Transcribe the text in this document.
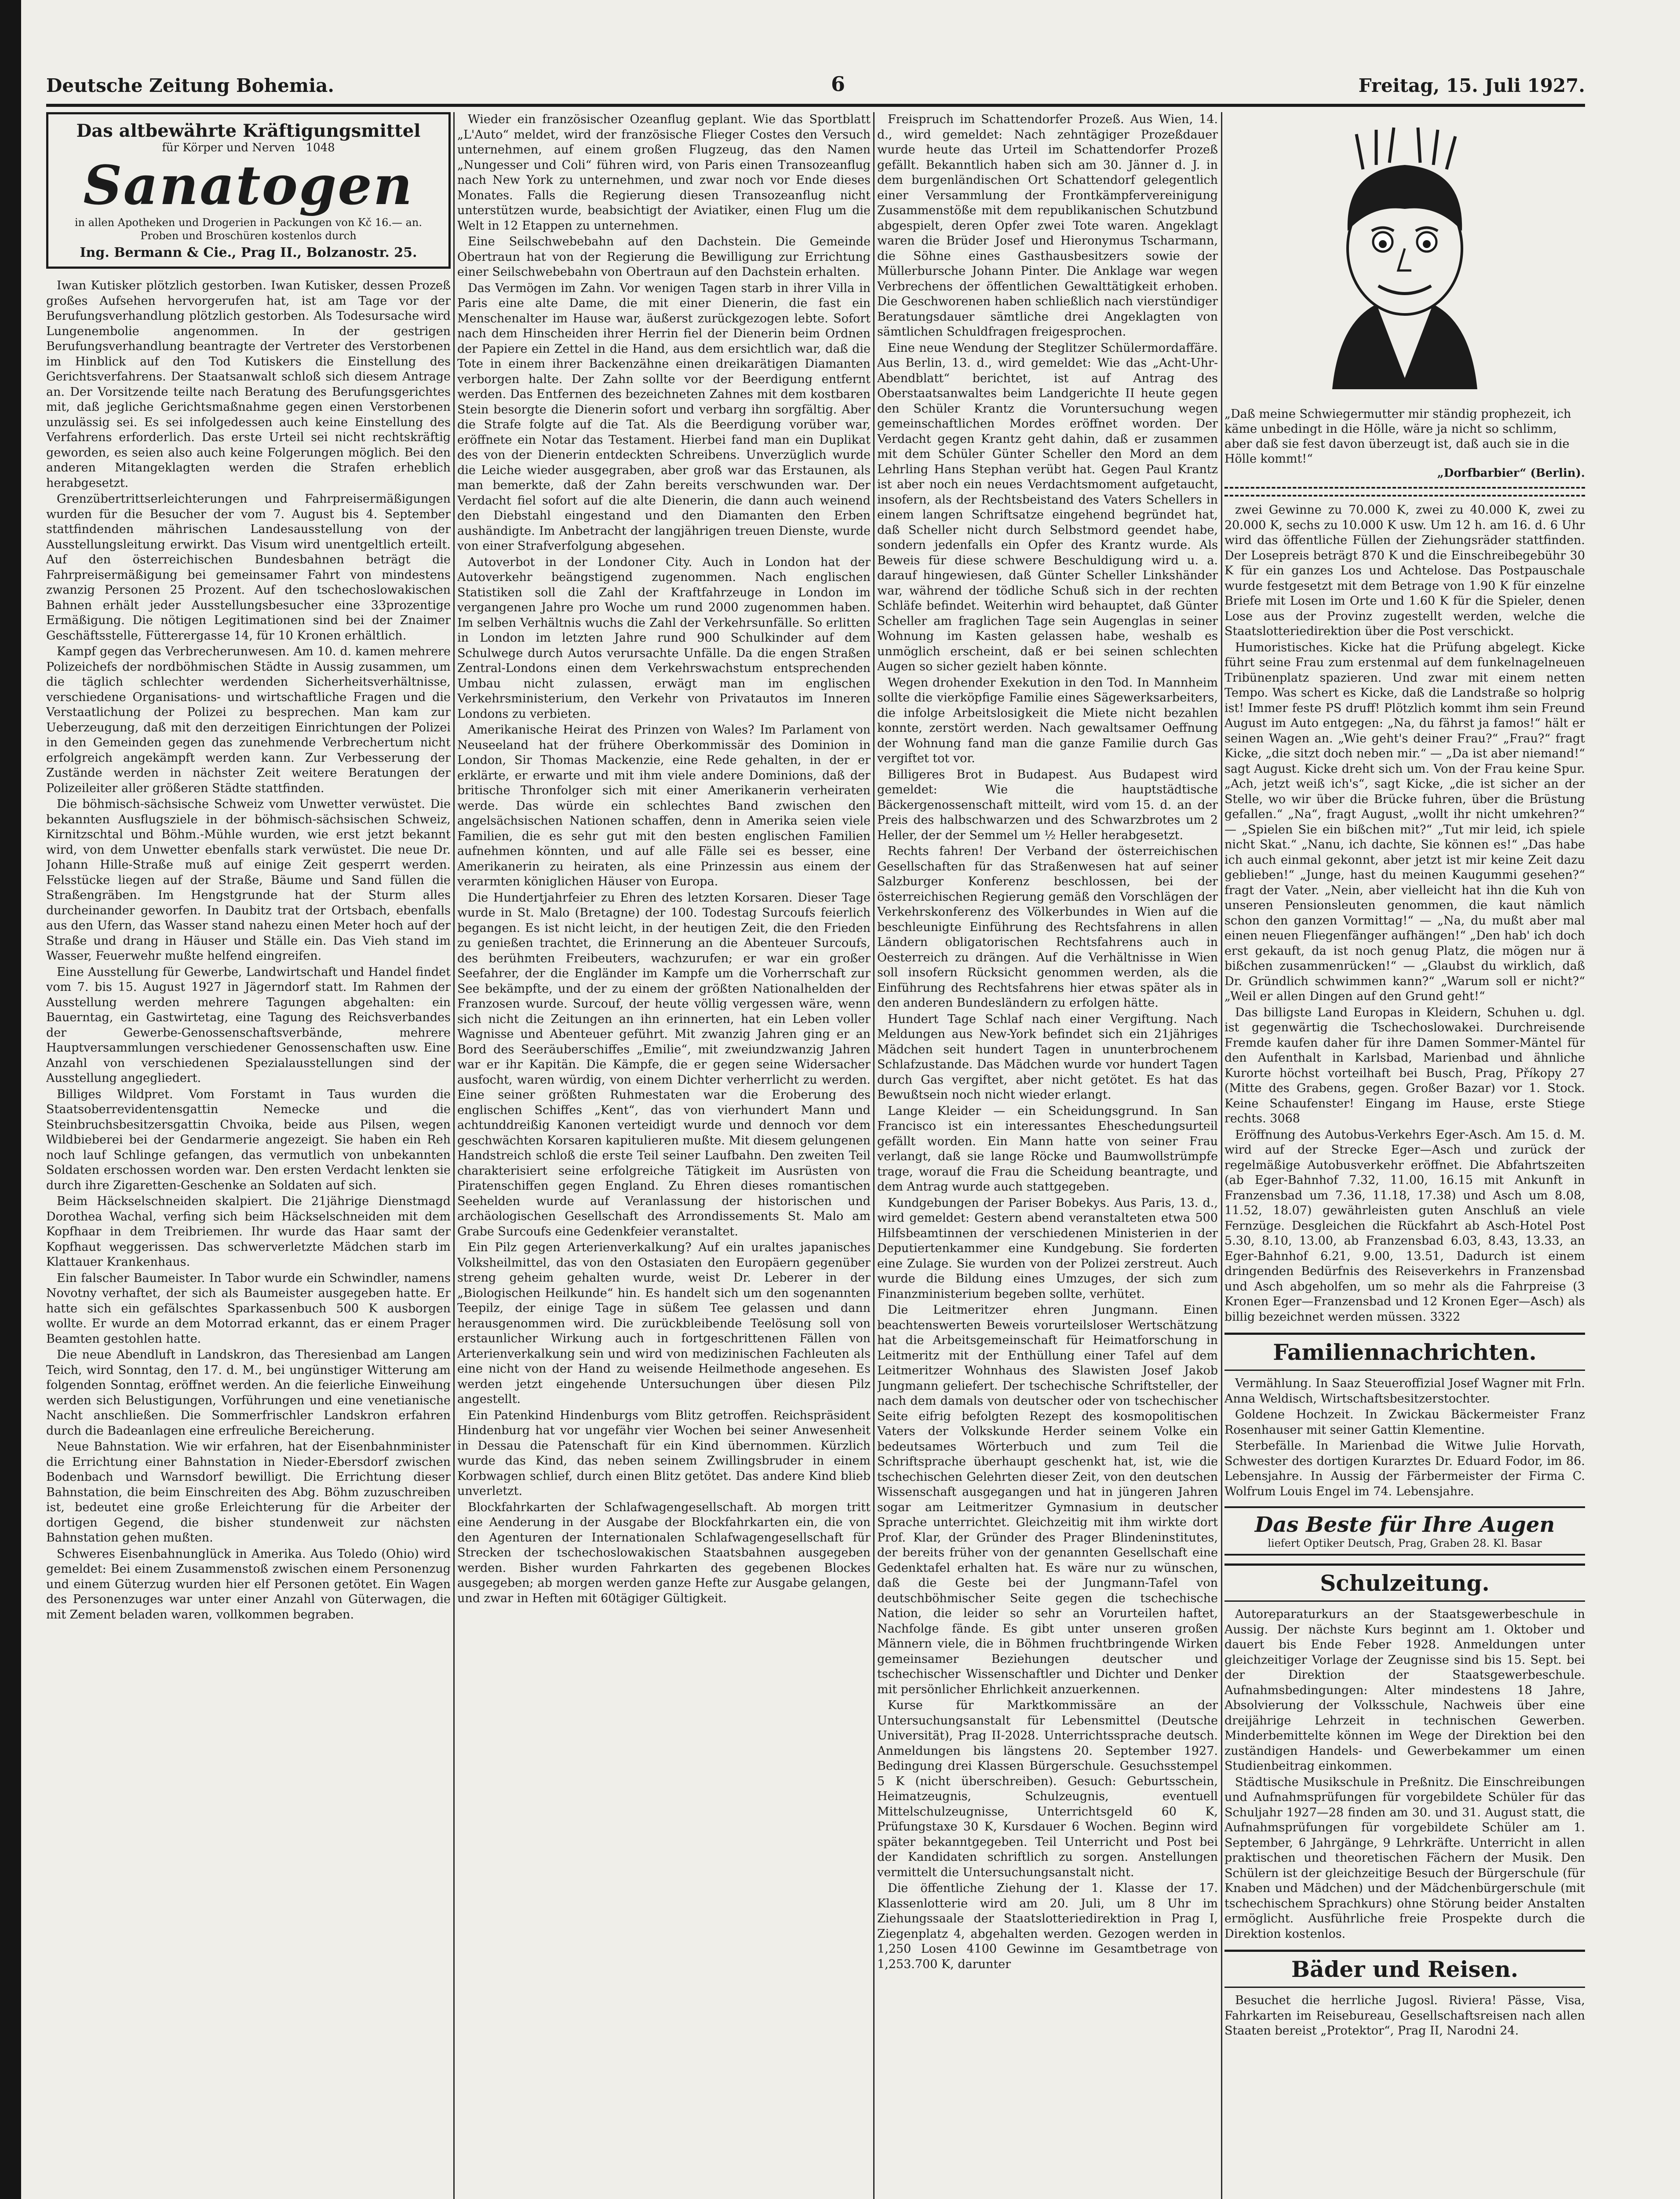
Deutsche Zeitung Bohemia.	6	Freitag, 15. Juli 1927.
Das altbewährte Kräftigungsmittel
für Körper und Nerven 1048
Sanatogen
in allen Apotheken und Drogerien in Packungen von Kč 16.— an. Proben und Broschüren kostenlos durch
Ing. Bermann & Cie., Prag II., Bolzanostr. 25.

Iwan Kutisker plötzlich gestorben. Iwan Kutisker, dessen Prozeß großes Aufsehen hervorgerufen hat, ist am Tage vor der Berufungsverhandlung plötzlich gestorben. Als Todesursache wird Lungenembolie angenommen. In der gestrigen Berufungsverhandlung beantragte der Vertreter des Verstorbenen im Hinblick auf den Tod Kutiskers die Einstellung des Gerichtsverfahrens. Der Staatsanwalt schloß sich diesem Antrage an. Der Vorsitzende teilte nach Beratung des Berufungsgerichtes mit, daß jegliche Gerichtsmaßnahme gegen einen Verstorbenen unzulässig sei. Es sei infolgedessen auch keine Einstellung des Verfahrens erforderlich. Das erste Urteil sei nicht rechtskräftig geworden, es seien also auch keine Folgerungen möglich. Bei den anderen Mitangeklagten werden die Strafen erheblich herabgesetzt.

Grenzübertrittserleichterungen und Fahrpreisermäßigungen wurden für die Besucher der vom 7. August bis 4. September stattfindenden mährischen Landesausstellung von der Ausstellungsleitung erwirkt. Das Visum wird unentgeltlich erteilt. Auf den österreichischen Bundesbahnen beträgt die Fahrpreisermäßigung bei gemeinsamer Fahrt von mindestens zwanzig Personen 25 Prozent. Auf den tschechoslowakischen Bahnen erhält jeder Ausstellungsbesucher eine 33prozentige Ermäßigung. Die nötigen Legitimationen sind bei der Znaimer Geschäftsstelle, Fütterergasse 14, für 10 Kronen erhältlich.

Kampf gegen das Verbrecherunwesen. Am 10. d. kamen mehrere Polizeichefs der nordböhmischen Städte in Aussig zusammen, um die täglich schlechter werdenden Sicherheitsverhältnisse, verschiedene Organisations- und wirtschaftliche Fragen und die Verstaatlichung der Polizei zu besprechen. Man kam zur Ueberzeugung, daß mit den derzeitigen Einrichtungen der Polizei in den Gemeinden gegen das zunehmende Verbrechertum nicht erfolgreich angekämpft werden kann. Zur Verbesserung der Zustände werden in nächster Zeit weitere Beratungen der Polizeileiter aller größeren Städte stattfinden.

Die böhmisch-sächsische Schweiz vom Unwetter verwüstet. Die bekannten Ausflugsziele in der böhmisch-sächsischen Schweiz, Kirnitzschtal und Böhm.-Mühle wurden, wie erst jetzt bekannt wird, von dem Unwetter ebenfalls stark verwüstet. Die neue Dr. Johann Hille-Straße muß auf einige Zeit gesperrt werden. Felsstücke liegen auf der Straße, Bäume und Sand füllen die Straßengräben. Im Hengstgrunde hat der Sturm alles durcheinander geworfen. In Daubitz trat der Ortsbach, ebenfalls aus den Ufern, das Wasser stand nahezu einen Meter hoch auf der Straße und drang in Häuser und Ställe ein. Das Vieh stand im Wasser, Feuerwehr mußte helfend eingreifen.

Eine Ausstellung für Gewerbe, Landwirtschaft und Handel findet vom 7. bis 15. August 1927 in Jägerndorf statt. Im Rahmen der Ausstellung werden mehrere Tagungen abgehalten: ein Bauerntag, ein Gastwirtetag, eine Tagung des Reichsverbandes der Gewerbe-Genossenschaftsverbände, mehrere Hauptversammlungen verschiedener Genossenschaften usw. Eine Anzahl von verschiedenen Spezialausstellungen sind der Ausstellung angegliedert.

Billiges Wildpret. Vom Forstamt in Taus wurden die Staatsoberrevidentensgattin Nemecke und die Steinbruchsbesitzersgattin Chvoika, beide aus Pilsen, wegen Wildbieberei bei der Gendarmerie angezeigt. Sie haben ein Reh noch lauf Schlinge gefangen, das vermutlich von unbekannten Soldaten erschossen worden war. Den ersten Verdacht lenkten sie durch ihre Zigaretten-Geschenke an Soldaten auf sich.

Beim Häckselschneiden skalpiert. Die 21jährige Dienstmagd Dorothea Wachal, verfing sich beim Häckselschneiden mit dem Kopfhaar in dem Treibriemen. Ihr wurde das Haar samt der Kopfhaut weggerissen. Das schwerverletzte Mädchen starb im Klattauer Krankenhaus.

Ein falscher Baumeister. In Tabor wurde ein Schwindler, namens Novotny verhaftet, der sich als Baumeister ausgegeben hatte. Er hatte sich ein gefälschtes Sparkassenbuch 500 K ausborgen wollte. Er wurde an dem Motorrad erkannt, das er einem Prager Beamten gestohlen hatte.

Die neue Abendluft in Landskron, das Theresienbad am Langen Teich, wird Sonntag, den 17. d. M., bei ungünstiger Witterung am folgenden Sonntag, eröffnet werden. An die feierliche Einweihung werden sich Belustigungen, Vorführungen und eine venetianische Nacht anschließen. Die Sommerfrischler Landskron erfahren durch die Badeanlagen eine erfreuliche Bereicherung.

Neue Bahnstation. Wie wir erfahren, hat der Eisenbahnminister die Errichtung einer Bahnstation in Nieder-Ebersdorf zwischen Bodenbach und Warnsdorf bewilligt. Die Errichtung dieser Bahnstation, die beim Einschreiten des Abg. Böhm zuzuschreiben ist, bedeutet eine große Erleichterung für die Arbeiter der dortigen Gegend, die bisher stundenweit zur nächsten Bahnstation gehen mußten.

Schweres Eisenbahnunglück in Amerika. Aus Toledo (Ohio) wird gemeldet: Bei einem Zusammenstoß zwischen einem Personenzug und einem Güterzug wurden hier elf Personen getötet. Ein Wagen des Personenzuges war unter einer Anzahl von Güterwagen, die mit Zement beladen waren, vollkommen begraben.

Wieder ein französischer Ozeanflug geplant. Wie das Sportblatt „L'Auto“ meldet, wird der französische Flieger Costes den Versuch unternehmen, auf einem großen Flugzeug, das den Namen „Nungesser und Coli“ führen wird, von Paris einen Transozeanflug nach New York zu unternehmen, und zwar noch vor Ende dieses Monates. Falls die Regierung diesen Transozeanflug nicht unterstützen wurde, beabsichtigt der Aviatiker, einen Flug um die Welt in 12 Etappen zu unternehmen.

Eine Seilschwebebahn auf den Dachstein. Die Gemeinde Obertraun hat von der Regierung die Bewilligung zur Errichtung einer Seilschwebebahn von Obertraun auf den Dachstein erhalten.

Das Vermögen im Zahn. Vor wenigen Tagen starb in ihrer Villa in Paris eine alte Dame, die mit einer Dienerin, die fast ein Menschenalter im Hause war, äußerst zurückgezogen lebte. Sofort nach dem Hinscheiden ihrer Herrin fiel der Dienerin beim Ordnen der Papiere ein Zettel in die Hand, aus dem ersichtlich war, daß die Tote in einem ihrer Backenzähne einen dreikarätigen Diamanten verborgen halte. Der Zahn sollte vor der Beerdigung entfernt werden. Das Entfernen des bezeichneten Zahnes mit dem kostbaren Stein besorgte die Dienerin sofort und verbarg ihn sorgfältig. Aber die Strafe folgte auf die Tat. Als die Beerdigung vorüber war, eröffnete ein Notar das Testament. Hierbei fand man ein Duplikat des von der Dienerin entdeckten Schreibens. Unverzüglich wurde die Leiche wieder ausgegraben, aber groß war das Erstaunen, als man bemerkte, daß der Zahn bereits verschwunden war. Der Verdacht fiel sofort auf die alte Dienerin, die dann auch weinend den Diebstahl eingestand und den Diamanten den Erben aushändigte. Im Anbetracht der langjährigen treuen Dienste, wurde von einer Strafverfolgung abgesehen.

Autoverbot in der Londoner City. Auch in London hat der Autoverkehr beängstigend zugenommen. Nach englischen Statistiken soll die Zahl der Kraftfahrzeuge in London im vergangenen Jahre pro Woche um rund 2000 zugenommen haben. Im selben Verhältnis wuchs die Zahl der Verkehrsunfälle. So erlitten in London im letzten Jahre rund 900 Schulkinder auf dem Schulwege durch Autos verursachte Unfälle. Da die engen Straßen Zentral-Londons einen dem Verkehrswachstum entsprechenden Umbau nicht zulassen, erwägt man im englischen Verkehrsministerium, den Verkehr von Privatautos im Inneren Londons zu verbieten.

Amerikanische Heirat des Prinzen von Wales? Im Parlament von Neuseeland hat der frühere Oberkommissär des Dominion in London, Sir Thomas Mackenzie, eine Rede gehalten, in der er erklärte, er erwarte und mit ihm viele andere Dominions, daß der britische Thronfolger sich mit einer Amerikanerin verheiraten werde. Das würde ein schlechtes Band zwischen den angelsächsischen Nationen schaffen, denn in Amerika seien viele Familien, die es sehr gut mit den besten englischen Familien aufnehmen könnten, und auf alle Fälle sei es besser, eine Amerikanerin zu heiraten, als eine Prinzessin aus einem der verarmten königlichen Häuser von Europa.

Die Hundertjahrfeier zu Ehren des letzten Korsaren. Dieser Tage wurde in St. Malo (Bretagne) der 100. Todestag Surcoufs feierlich begangen. Es ist nicht leicht, in der heutigen Zeit, die den Frieden zu genießen trachtet, die Erinnerung an die Abenteuer Surcoufs, des berühmten Freibeuters, wachzurufen; er war ein großer Seefahrer, der die Engländer im Kampfe um die Vorherrschaft zur See bekämpfte, und der zu einem der größten Nationalhelden der Franzosen wurde. Surcouf, der heute völlig vergessen wäre, wenn sich nicht die Zeitungen an ihn erinnerten, hat ein Leben voller Wagnisse und Abenteuer geführt. Mit zwanzig Jahren ging er an Bord des Seeräuberschiffes „Emilie“, mit zweiundzwanzig Jahren war er ihr Kapitän. Die Kämpfe, die er gegen seine Widersacher ausfocht, waren würdig, von einem Dichter verherrlicht zu werden. Eine seiner größten Ruhmestaten war die Eroberung des englischen Schiffes „Kent“, das von vierhundert Mann und achtunddreißig Kanonen verteidigt wurde und dennoch vor dem geschwächten Korsaren kapitulieren mußte. Mit diesem gelungenen Handstreich schloß die erste Teil seiner Laufbahn. Den zweiten Teil charakterisiert seine erfolgreiche Tätigkeit im Ausrüsten von Piratenschiffen gegen England. Zu Ehren dieses romantischen Seehelden wurde auf Veranlassung der historischen und archäologischen Gesellschaft des Arrondissements St. Malo am Grabe Surcoufs eine Gedenkfeier veranstaltet.

Ein Pilz gegen Arterienverkalkung? Auf ein uraltes japanisches Volksheilmittel, das von den Ostasiaten den Europäern gegenüber streng geheim gehalten wurde, weist Dr. Leberer in der „Biologischen Heilkunde“ hin. Es handelt sich um den sogenannten Teepilz, der einige Tage in süßem Tee gelassen und dann herausgenommen wird. Die zurückbleibende Teelösung soll von erstaunlicher Wirkung auch in fortgeschrittenen Fällen von Arterienverkalkung sein und wird von medizinischen Fachleuten als eine nicht von der Hand zu weisende Heilmethode angesehen. Es werden jetzt eingehende Untersuchungen über diesen Pilz angestellt.

Ein Patenkind Hindenburgs vom Blitz getroffen. Reichspräsident Hindenburg hat vor ungefähr vier Wochen bei seiner Anwesenheit in Dessau die Patenschaft für ein Kind übernommen. Kürzlich wurde das Kind, das neben seinem Zwillingsbruder in einem Korbwagen schlief, durch einen Blitz getötet. Das andere Kind blieb unverletzt.

Blockfahrkarten der Schlafwagengesellschaft. Ab morgen tritt eine Aenderung in der Ausgabe der Blockfahrkarten ein, die von den Agenturen der Internationalen Schlafwagengesellschaft für Strecken der tschechoslowakischen Staatsbahnen ausgegeben werden. Bisher wurden Fahrkarten des gegebenen Blockes ausgegeben; ab morgen werden ganze Hefte zur Ausgabe gelangen, und zwar in Heften mit 60tägiger Gültigkeit.

Freispruch im Schattendorfer Prozeß. Aus Wien, 14. d., wird gemeldet: Nach zehntägiger Prozeßdauer wurde heute das Urteil im Schattendorfer Prozeß gefällt. Bekanntlich haben sich am 30. Jänner d. J. in dem burgenländischen Ort Schattendorf gelegentlich einer Versammlung der Frontkämpfervereinigung Zusammenstöße mit dem republikanischen Schutzbund abgespielt, deren Opfer zwei Tote waren. Angeklagt waren die Brüder Josef und Hieronymus Tscharmann, die Söhne eines Gasthausbesitzers sowie der Müllerbursche Johann Pinter. Die Anklage war wegen Verbrechens der öffentlichen Gewalttätigkeit erhoben. Die Geschworenen haben schließlich nach vierstündiger Beratungsdauer sämtliche drei Angeklagten von sämtlichen Schuldfragen freigesprochen.

Eine neue Wendung der Steglitzer Schülermordaffäre. Aus Berlin, 13. d., wird gemeldet: Wie das „Acht-Uhr-Abendblatt“ berichtet, ist auf Antrag des Oberstaatsanwaltes beim Landgerichte II heute gegen den Schüler Krantz die Voruntersuchung wegen gemeinschaftlichen Mordes eröffnet worden. Der Verdacht gegen Krantz geht dahin, daß er zusammen mit dem Schüler Günter Scheller den Mord an dem Lehrling Hans Stephan verübt hat. Gegen Paul Krantz ist aber noch ein neues Verdachtsmoment aufgetaucht, insofern, als der Rechtsbeistand des Vaters Schellers in einem langen Schriftsatze eingehend begründet hat, daß Scheller nicht durch Selbstmord geendet habe, sondern jedenfalls ein Opfer des Krantz wurde. Als Beweis für diese schwere Beschuldigung wird u. a. darauf hingewiesen, daß Günter Scheller Linkshänder war, während der tödliche Schuß sich in der rechten Schläfe befindet. Weiterhin wird behauptet, daß Günter Scheller am fraglichen Tage sein Augenglas in seiner Wohnung im Kasten gelassen habe, weshalb es unmöglich erscheint, daß er bei seinen schlechten Augen so sicher gezielt haben könnte.

Wegen drohender Exekution in den Tod. In Mannheim sollte die vierköpfige Familie eines Sägewerksarbeiters, die infolge Arbeitslosigkeit die Miete nicht bezahlen konnte, zerstört werden. Nach gewaltsamer Oeffnung der Wohnung fand man die ganze Familie durch Gas vergiftet tot vor.

Billigeres Brot in Budapest. Aus Budapest wird gemeldet: Wie die hauptstädtische Bäckergenossenschaft mitteilt, wird vom 15. d. an der Preis des halbschwarzen und des Schwarzbrotes um 2 Heller, der der Semmel um ½ Heller herabgesetzt.

Rechts fahren! Der Verband der österreichischen Gesellschaften für das Straßenwesen hat auf seiner Salzburger Konferenz beschlossen, bei der österreichischen Regierung gemäß den Vorschlägen der Verkehrskonferenz des Völkerbundes in Wien auf die beschleunigte Einführung des Rechtsfahrens in allen Ländern obligatorischen Rechtsfahrens auch in Oesterreich zu drängen. Auf die Verhältnisse in Wien soll insofern Rücksicht genommen werden, als die Einführung des Rechtsfahrens hier etwas später als in den anderen Bundesländern zu erfolgen hätte.

Hundert Tage Schlaf nach einer Vergiftung. Nach Meldungen aus New-York befindet sich ein 21jähriges Mädchen seit hundert Tagen in ununterbrochenem Schlafzustande. Das Mädchen wurde vor hundert Tagen durch Gas vergiftet, aber nicht getötet. Es hat das Bewußtsein noch nicht wieder erlangt.

Lange Kleider — ein Scheidungsgrund. In San Francisco ist ein interessantes Eheschedungsurteil gefällt worden. Ein Mann hatte von seiner Frau verlangt, daß sie lange Röcke und Baumwollstrümpfe trage, worauf die Frau die Scheidung beantragte, und dem Antrag wurde auch stattgegeben.

Kundgebungen der Pariser Bobekys. Aus Paris, 13. d., wird gemeldet: Gestern abend veranstalteten etwa 500 Hilfsbeamtinnen der verschiedenen Ministerien in der Deputiertenkammer eine Kundgebung. Sie forderten eine Zulage. Sie wurden von der Polizei zerstreut. Auch wurde die Bildung eines Umzuges, der sich zum Finanzministerium begeben sollte, verhütet.

Die Leitmeritzer ehren Jungmann. Einen beachtenswerten Beweis vorurteilsloser Wertschätzung hat die Arbeitsgemeinschaft für Heimatforschung in Leitmeritz mit der Enthüllung einer Tafel auf dem Leitmeritzer Wohnhaus des Slawisten Josef Jakob Jungmann geliefert. Der tschechische Schriftsteller, der nach dem damals von deutscher oder von tschechischer Seite eifrig befolgten Rezept des kosmopolitischen Vaters der Volkskunde Herder seinem Volke ein bedeutsames Wörterbuch und zum Teil die Schriftsprache überhaupt geschenkt hat, ist, wie die tschechischen Gelehrten dieser Zeit, von den deutschen Wissenschaft ausgegangen und hat in jüngeren Jahren sogar am Leitmeritzer Gymnasium in deutscher Sprache unterrichtet. Gleichzeitig mit ihm wirkte dort Prof. Klar, der Gründer des Prager Blindeninstitutes, der bereits früher von der genannten Gesellschaft eine Gedenktafel erhalten hat. Es wäre nur zu wünschen, daß die Geste bei der Jungmann-Tafel von deutschböhmischer Seite gegen die tschechische Nation, die leider so sehr an Vorurteilen haftet, Nachfolge fände. Es gibt unter unseren großen Männern viele, die in Böhmen fruchtbringende Wirken gemeinsamer Beziehungen deutscher und tschechischer Wissenschaftler und Dichter und Denker mit persönlicher Ehrlichkeit anzuerkennen.

Kurse für Marktkommissäre an der Untersuchungsanstalt für Lebensmittel (Deutsche Universität), Prag II-2028. Unterrichtssprache deutsch. Anmeldungen bis längstens 20. September 1927. Bedingung drei Klassen Bürgerschule. Gesuchsstempel 5 K (nicht überschreiben). Gesuch: Geburtsschein, Heimatzeugnis, Schulzeugnis, eventuell Mittelschulzeugnisse, Unterrichtsgeld 60 K, Prüfungstaxe 30 K, Kursdauer 6 Wochen. Beginn wird später bekanntgegeben. Teil Unterricht und Post bei der Kandidaten schriftlich zu sorgen. Anstellungen vermittelt die Untersuchungsanstalt nicht.

Die öffentliche Ziehung der 1. Klasse der 17. Klassenlotterie wird am 20. Juli, um 8 Uhr im Ziehungssaale der Staatslotteriedirektion in Prag I, Ziegenplatz 4, abgehalten werden. Gezogen werden in 1,250 Losen 4100 Gewinne im Gesamtbetrage von 1,253.700 K, darunter

„Daß meine Schwiegermutter mir ständig prophezeit, ich käme unbedingt in die Hölle, wäre ja nicht so schlimm, aber daß sie fest davon überzeugt ist, daß auch sie in die Hölle kommt!“
„Dorfbarbier“ (Berlin).

zwei Gewinne zu 70.000 K, zwei zu 40.000 K, zwei zu 20.000 K, sechs zu 10.000 K usw. Um 12 h. am 16. d. 6 Uhr wird das öffentliche Füllen der Ziehungsräder stattfinden. Der Losepreis beträgt 870 K und die Einschreibegebühr 30 K für ein ganzes Los und Achtelose. Das Postpauschale wurde festgesetzt mit dem Betrage von 1.90 K für einzelne Briefe mit Losen im Orte und 1.60 K für die Spieler, denen Lose aus der Provinz zugestellt werden, welche die Staatslotteriedirektion über die Post verschickt.

Humoristisches. Kicke hat die Prüfung abgelegt. Kicke führt seine Frau zum erstenmal auf dem funkelnagelneuen Tribünenplatz spazieren. Und zwar mit einem netten Tempo. Was schert es Kicke, daß die Landstraße so holprig ist! Immer feste PS druff! Plötzlich kommt ihm sein Freund August im Auto entgegen: „Na, du fährst ja famos!“ hält er seinen Wagen an. „Wie geht's deiner Frau?“ „Frau?“ fragt Kicke, „die sitzt doch neben mir.“ — „Da ist aber niemand!“ sagt August. Kicke dreht sich um. Von der Frau keine Spur. „Ach, jetzt weiß ich's“, sagt Kicke, „die ist sicher an der Stelle, wo wir über die Brücke fuhren, über die Brüstung gefallen.“ „Na“, fragt August, „wollt ihr nicht umkehren?“ — „Spielen Sie ein bißchen mit?“ „Tut mir leid, ich spiele nicht Skat.“ „Nanu, ich dachte, Sie können es!“ „Das habe ich auch einmal gekonnt, aber jetzt ist mir keine Zeit dazu geblieben!“ „Junge, hast du meinen Kaugummi gesehen?“ fragt der Vater. „Nein, aber vielleicht hat ihn die Kuh von unseren Pensionsleuten genommen, die kaut nämlich schon den ganzen Vormittag!“ — „Na, du mußt aber mal einen neuen Fliegenfänger aufhängen!“ „Den hab' ich doch erst gekauft, da ist noch genug Platz, die mögen nur ä bißchen zusammenrücken!“ — „Glaubst du wirklich, daß Dr. Gründlich schwimmen kann?“ „Warum soll er nicht?“ „Weil er allen Dingen auf den Grund geht!“

Das billigste Land Europas in Kleidern, Schuhen u. dgl. ist gegenwärtig die Tschechoslowakei. Durchreisende Fremde kaufen daher für ihre Damen Sommer-Mäntel für den Aufenthalt in Karlsbad, Marienbad und ähnliche Kurorte höchst vorteilhaft bei Busch, Prag, Příkopy 27 (Mitte des Grabens, gegen. Großer Bazar) vor 1. Stock. Keine Schaufenster! Eingang im Hause, erste Stiege rechts. 3068

Eröffnung des Autobus-Verkehrs Eger-Asch. Am 15. d. M. wird auf der Strecke Eger—Asch und zurück der regelmäßige Autobusverkehr eröffnet. Die Abfahrtszeiten (ab Eger-Bahnhof 7.32, 11.00, 16.15 mit Ankunft in Franzensbad um 7.36, 11.18, 17.38) und Asch um 8.08, 11.52, 18.07) gewährleisten guten Anschluß an viele Fernzüge. Desgleichen die Rückfahrt ab Asch-Hotel Post 5.30, 8.10, 13.00, ab Franzensbad 6.03, 8.43, 13.33, an Eger-Bahnhof 6.21, 9.00, 13.51, Dadurch ist einem dringenden Bedürfnis des Reiseverkehrs in Franzensbad und Asch abgeholfen, um so mehr als die Fahrpreise (3 Kronen Eger—Franzensbad und 12 Kronen Eger—Asch) als billig bezeichnet werden müssen. 3322

Familiennachrichten.

Vermählung. In Saaz Steueroffizial Josef Wagner mit Frln. Anna Weldisch, Wirtschaftsbesitzerstochter.

Goldene Hochzeit. In Zwickau Bäckermeister Franz Rosenhauser mit seiner Gattin Klementine.

Sterbefälle. In Marienbad die Witwe Julie Horvath, Schwester des dortigen Kurarztes Dr. Eduard Fodor, im 86. Lebensjahre. In Aussig der Färbermeister der Firma C. Wolfrum Louis Engel im 74. Lebensjahre.

Das Beste für Ihre Augen
liefert Optiker Deutsch, Prag, Graben 28. Kl. Basar
Schulzeitung.

Autoreparaturkurs an der Staatsgewerbeschule in Aussig. Der nächste Kurs beginnt am 1. Oktober und dauert bis Ende Feber 1928. Anmeldungen unter gleichzeitiger Vorlage der Zeugnisse sind bis 15. Sept. bei der Direktion der Staatsgewerbeschule. Aufnahmsbedingungen: Alter mindestens 18 Jahre, Absolvierung der Volksschule, Nachweis über eine dreijährige Lehrzeit in technischen Gewerben. Minderbemittelte können im Wege der Direktion bei den zuständigen Handels- und Gewerbekammer um einen Studienbeitrag einkommen.

Städtische Musikschule in Preßnitz. Die Einschreibungen und Aufnahmsprüfungen für vorgebildete Schüler für das Schuljahr 1927—28 finden am 30. und 31. August statt, die Aufnahmsprüfungen für vorgebildete Schüler am 1. September, 6 Jahrgänge, 9 Lehrkräfte. Unterricht in allen praktischen und theoretischen Fächern der Musik. Den Schülern ist der gleichzeitige Besuch der Bürgerschule (für Knaben und Mädchen) und der Mädchenbürgerschule (mit tschechischem Sprachkurs) ohne Störung beider Anstalten ermöglicht. Ausführliche freie Prospekte durch die Direktion kostenlos.

Bäder und Reisen.

Besuchet die herrliche Jugosl. Riviera! Pässe, Visa, Fahrkarten im Reisebureau, Gesellschaftsreisen nach allen Staaten bereist „Protektor“, Prag II, Narodni 24.
